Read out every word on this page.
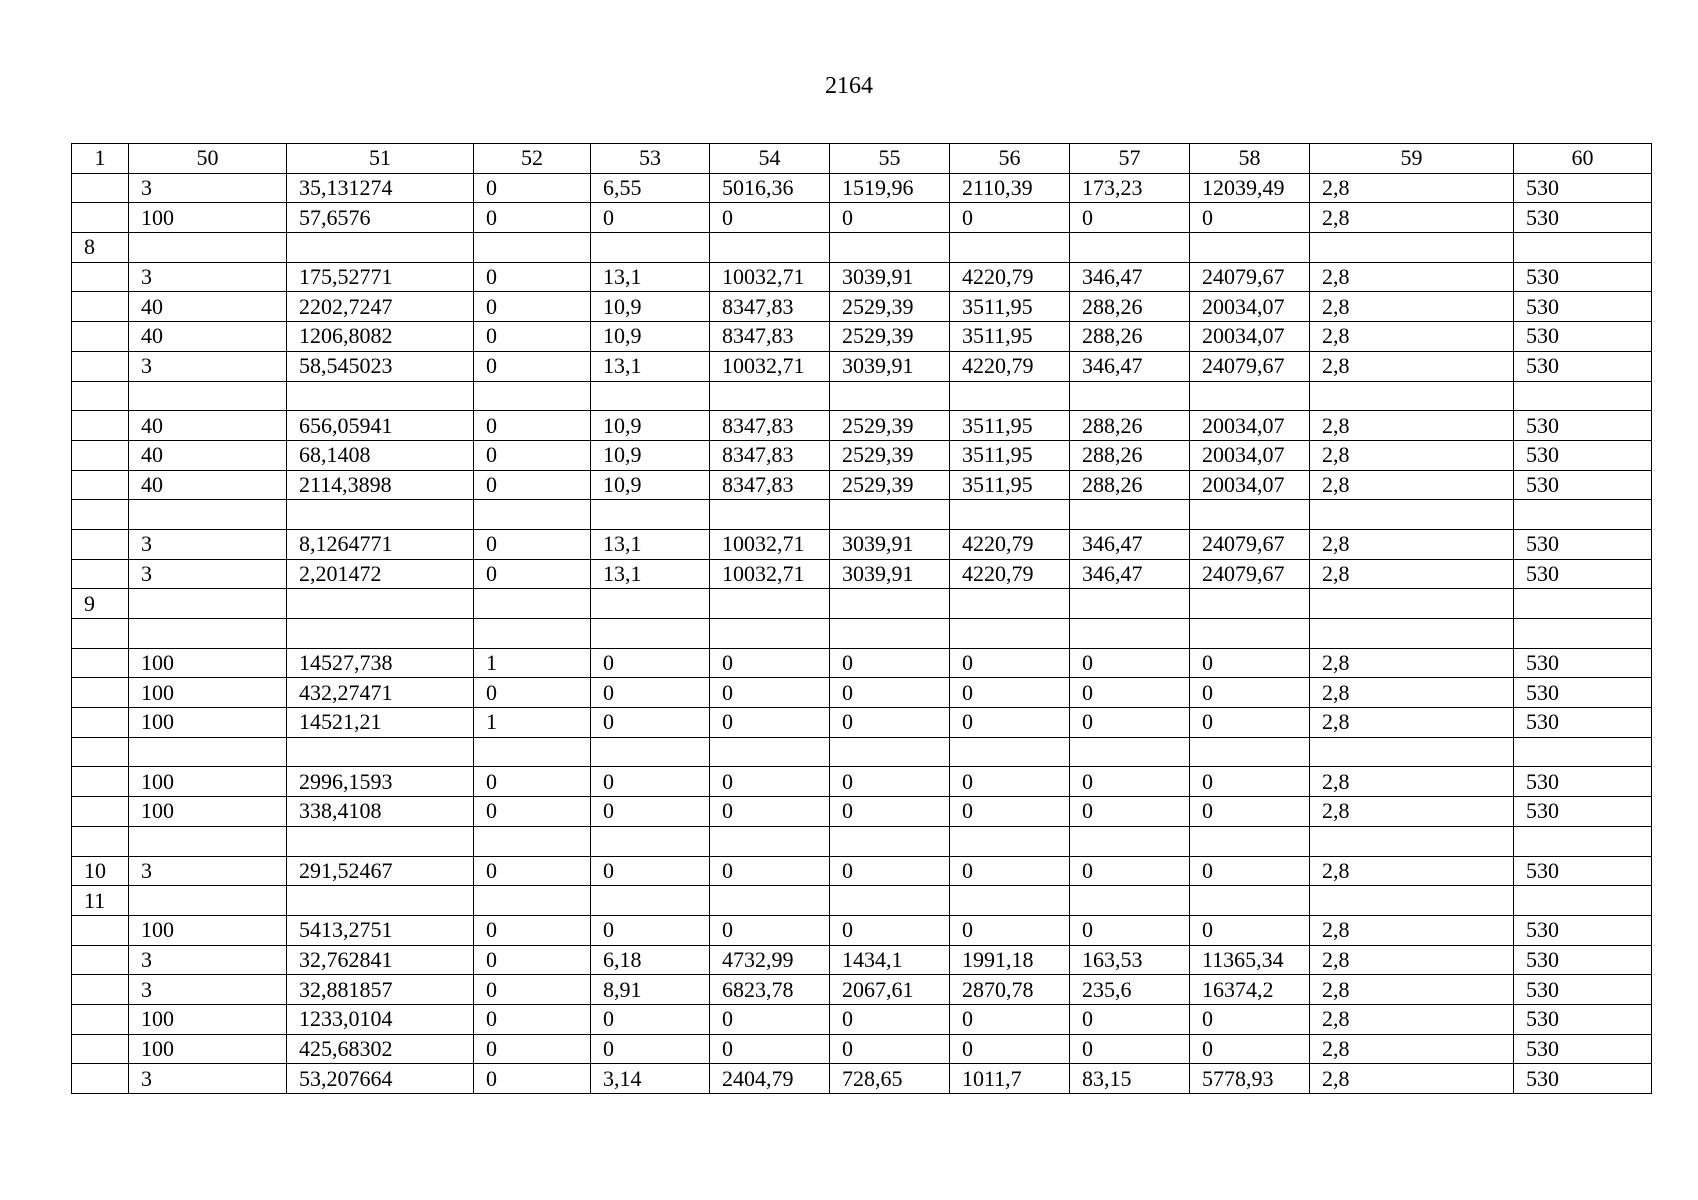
2164
1	50	51	52	53	54	55	56	57	58	59	60
	3	35,131274	0	6,55	5016,36	1519,96	2110,39	173,23	12039,49	2,8	530
	100	57,6576	0	0	0	0	0	0	0	2,8	530
8											
	3	175,52771	0	13,1	10032,71	3039,91	4220,79	346,47	24079,67	2,8	530
	40	2202,7247	0	10,9	8347,83	2529,39	3511,95	288,26	20034,07	2,8	530
	40	1206,8082	0	10,9	8347,83	2529,39	3511,95	288,26	20034,07	2,8	530
	3	58,545023	0	13,1	10032,71	3039,91	4220,79	346,47	24079,67	2,8	530

	40	656,05941	0	10,9	8347,83	2529,39	3511,95	288,26	20034,07	2,8	530
	40	68,1408	0	10,9	8347,83	2529,39	3511,95	288,26	20034,07	2,8	530
	40	2114,3898	0	10,9	8347,83	2529,39	3511,95	288,26	20034,07	2,8	530

	3	8,1264771	0	13,1	10032,71	3039,91	4220,79	346,47	24079,67	2,8	530
	3	2,201472	0	13,1	10032,71	3039,91	4220,79	346,47	24079,67	2,8	530
9											

	100	14527,738	1	0	0	0	0	0	0	2,8	530
	100	432,27471	0	0	0	0	0	0	0	2,8	530
	100	14521,21	1	0	0	0	0	0	0	2,8	530

	100	2996,1593	0	0	0	0	0	0	0	2,8	530
	100	338,4108	0	0	0	0	0	0	0	2,8	530

10	3	291,52467	0	0	0	0	0	0	0	2,8	530
11											
	100	5413,2751	0	0	0	0	0	0	0	2,8	530
	3	32,762841	0	6,18	4732,99	1434,1	1991,18	163,53	11365,34	2,8	530
	3	32,881857	0	8,91	6823,78	2067,61	2870,78	235,6	16374,2	2,8	530
	100	1233,0104	0	0	0	0	0	0	0	2,8	530
	100	425,68302	0	0	0	0	0	0	0	2,8	530
	3	53,207664	0	3,14	2404,79	728,65	1011,7	83,15	5778,93	2,8	530
